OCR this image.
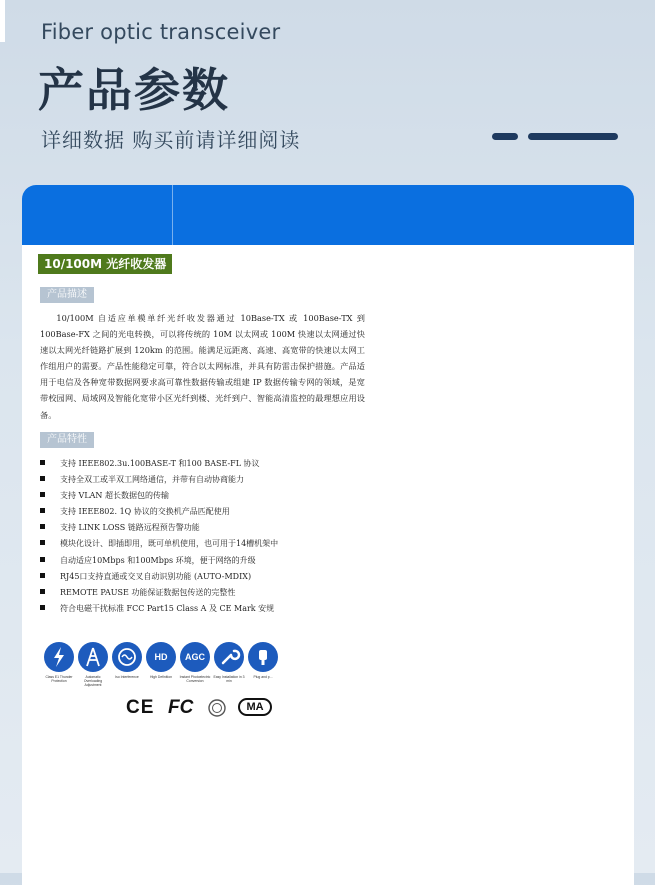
Fiber optic transceiver
产品参数
详细数据 购买前请详细阅读
10/100M 光纤收发器
产品描述

10/100M 自适应单模单纤光纤收发器通过 10Base-TX 或 100Base-TX 到 100Base-FX 之间的光电转换，可以将传统的 10M 以太网或 100M 快速以太网通过快速以太网光纤链路扩展到 120km 的范围。能满足远距离、高速、高宽带的快速以太网工作组用户的需要。产品性能稳定可靠，符合以太网标准，并具有防雷击保护措施。产品适用于电信及各种宽带数据网要求高可靠性数据传输或组建 IP 数据传输专网的领域，是宽带校园网、局域网及智能化宽带小区光纤到楼、光纤到户、智能高清监控的最理想应用设备。

产品特性
支持 IEEE802.3u.100BASE-T 和100 BASE-FL 协议
支持全双工或半双工网络通信，并带有自动协商能力
支持 VLAN 超长数据包的传输
支持 IEEE802. 1Q 协议的交换机产品匹配使用
支持 LINK LOSS 链路远程预告警功能
模块化设计、即插即用，既可单机使用，也可用于14槽机架中
自动适应10Mbps 和100Mbps 环境，便于网络的升级
RJ45口支持直通或交叉自动识别功能 (AUTO-MDIX)
REMOTE PAUSE 功能保证数据包传送的完整性
符合电磁干扰标准 FCC Part15 Class A 及 CE Mark 安规
Class E1 Thunder Protection
Automatic Overloading Adjustment
Iso Interference
HD
High Definition
AGC
Instant Photoelectric Conversion
Easy Installation in 3 min
Plug and p...
CE FC	MA
